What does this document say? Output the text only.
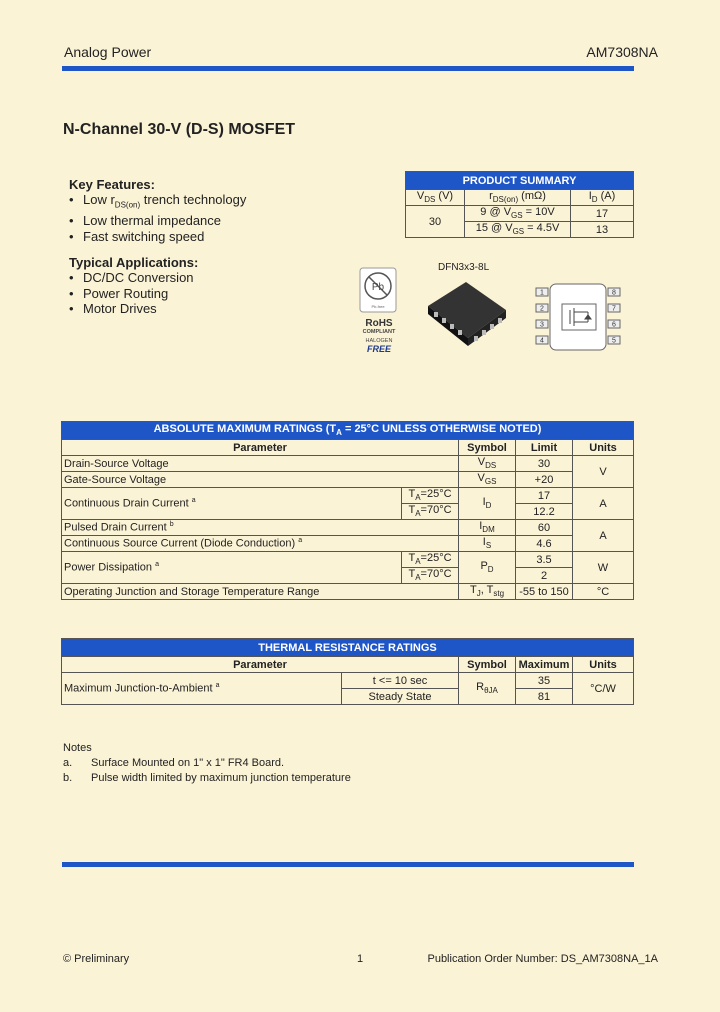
Analog Power	AM7308NA
N-Channel 30-V (D-S) MOSFET
Key Features:
• Low $r_{DS(on)}$ trench technology
• Low thermal impedance
• Fast switching speed
Typical Applications:
• DC/DC Conversion
• Power Routing
• Motor Drives
PRODUCT SUMMARY		
$V_{DS}$ (V)	$r_{DS(on)}$ (mΩ)	$I_D$ (A)
30	9 @ $V_{GS} = 10V$	17
	15 @ $V_{GS} = 4.5V$	13
Pb
Pb-free
RoHS
COMPLIANT
HALOGEN
FREE
DFN3x3-8L
1
2
3
4
8
7
6
5
ABSOLUTE MAXIMUM RATINGS ($T_A = 25^\circ C$ UNLESS OTHERWISE NOTED)				
Parameter		Symbol	Limit	Units
Drain-Source Voltage		$V_{DS}$	30	V
Gate-Source Voltage		$V_{GS}$	+20	
Continuous Drain Current $^a$	$T_A=25^\circ C$	$I_D$	17	A
	$T_A=70^\circ C$		12.2	
Pulsed Drain Current $^b$		$I_{DM}$	60	A
Continuous Source Current (Diode Conduction) $^a$		$I_S$	4.6	
Power Dissipation $^a$	$T_A=25^\circ C$	$P_D$	3.5	W
	$T_A=70^\circ C$		2	
Operating Junction and Storage Temperature Range		$T_J$, $T_{stg}$	-55 to 150	°C
THERMAL RESISTANCE RATINGS				
Parameter		Symbol	Maximum	Units
Maximum Junction-to-Ambient $^a$	t <= 10 sec	$R_{\theta JA}$	35	°C/W
	Steady State		81	
Notes
a. Surface Mounted on 1" x 1" FR4 Board.
b. Pulse width limited by maximum junction temperature
© Preliminary	1	Publication Order Number: DS_AM7308NA_1A
